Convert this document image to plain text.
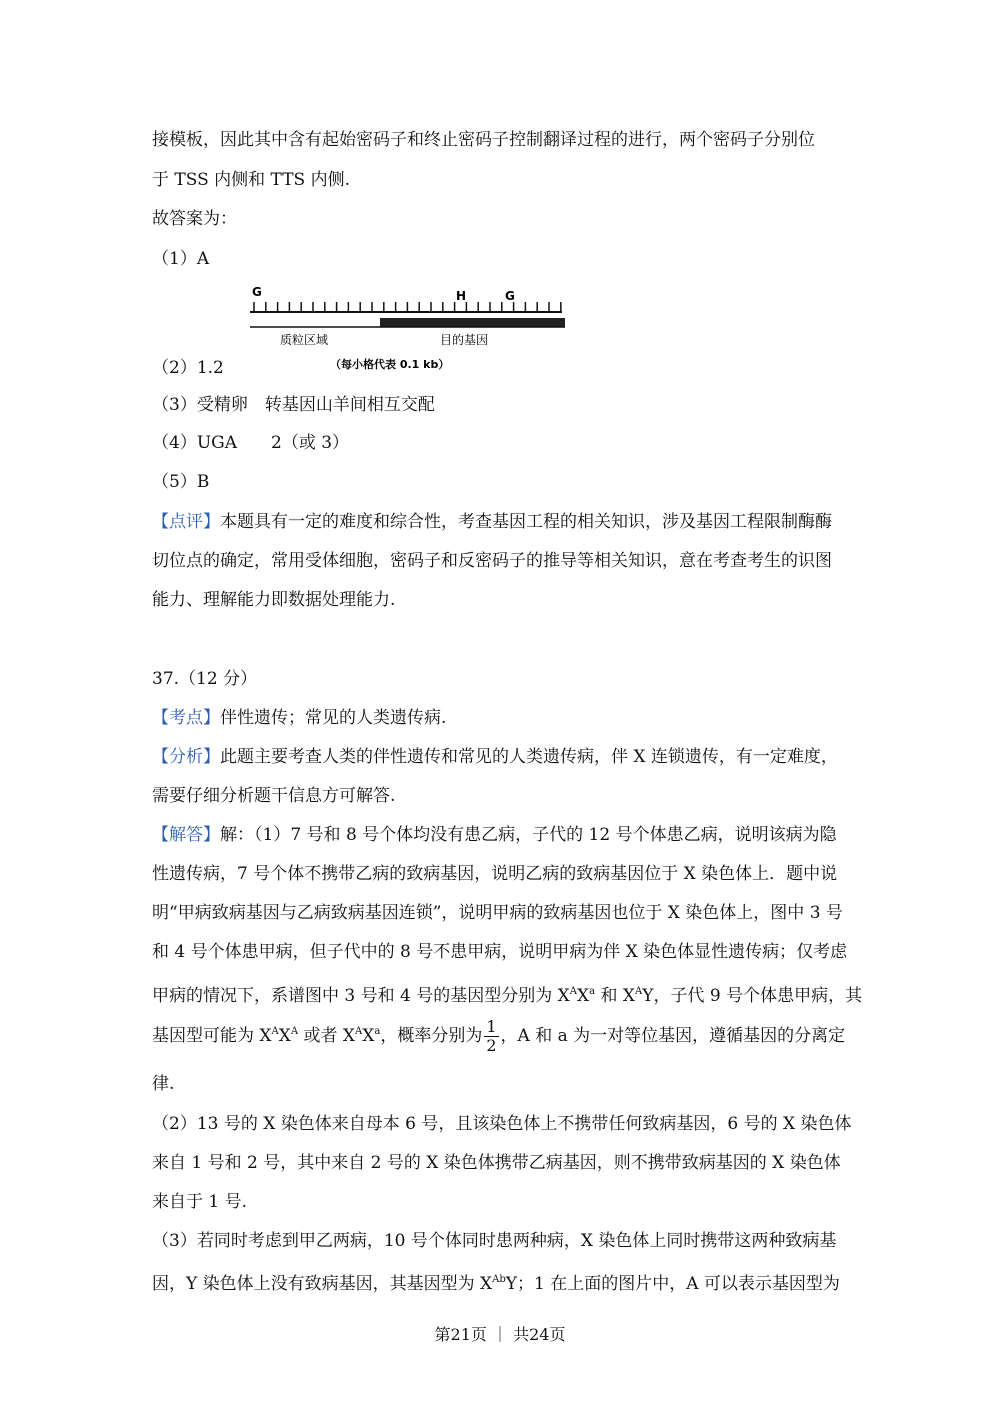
接模板，因此其中含有起始密码子和终止密码子控制翻译过程的进行，两个密码子分别位
于 TSS 内侧和 TTS 内侧.
故答案为：
（1）A
G	H	G
质粒区域	目的基因
（每小格代表 0.1 kb）
（2）1.2
（3）受精卵　转基因山羊间相互交配
（4）UGA　　2（或 3）
（5）B
【点评】本题具有一定的难度和综合性，考查基因工程的相关知识，涉及基因工程限制酶酶
切位点的确定，常用受体细胞，密码子和反密码子的推导等相关知识，意在考查考生的识图
能力、理解能力即数据处理能力.
37.（12 分）
【考点】伴性遗传；常见的人类遗传病.
【分析】此题主要考查人类的伴性遗传和常见的人类遗传病，伴 X 连锁遗传，有一定难度，
需要仔细分析题干信息方可解答.
【解答】解：（1）7 号和 8 号个体均没有患乙病，子代的 12 号个体患乙病，说明该病为隐
性遗传病，7 号个体不携带乙病的致病基因，说明乙病的致病基因位于 X 染色体上．题中说
明“甲病致病基因与乙病致病基因连锁”，说明甲病的致病基因也位于 X 染色体上，图中 3 号
和 4 号个体患甲病，但子代中的 8 号不患甲病，说明甲病为伴 X 染色体显性遗传病；仅考虑
甲病的情况下，系谱图中 3 号和 4 号的基因型分别为 $X^AX^a$ 和 $X^AY$，子代 9 号个体患甲病，其
基因型可能为 $X^AX^A$ 或者 $X^AX^a$，概率分别为 $\frac{1}{2}$ ，A 和 a 为一对等位基因，遵循基因的分离定
律.
（2）13 号的 X 染色体来自母本 6 号，且该染色体上不携带任何致病基因，6 号的 X 染色体
来自 1 号和 2 号，其中来自 2 号的 X 染色体携带乙病基因，则不携带致病基因的 X 染色体
来自于 1 号.
（3）若同时考虑到甲乙两病，10 号个体同时患两种病，X 染色体上同时携带这两种致病基
因，Y 染色体上没有致病基因，其基因型为 $X^{Ab}Y$；1 在上面的图片中，A 可以表示基因型为
第21页 ｜ 共24页
